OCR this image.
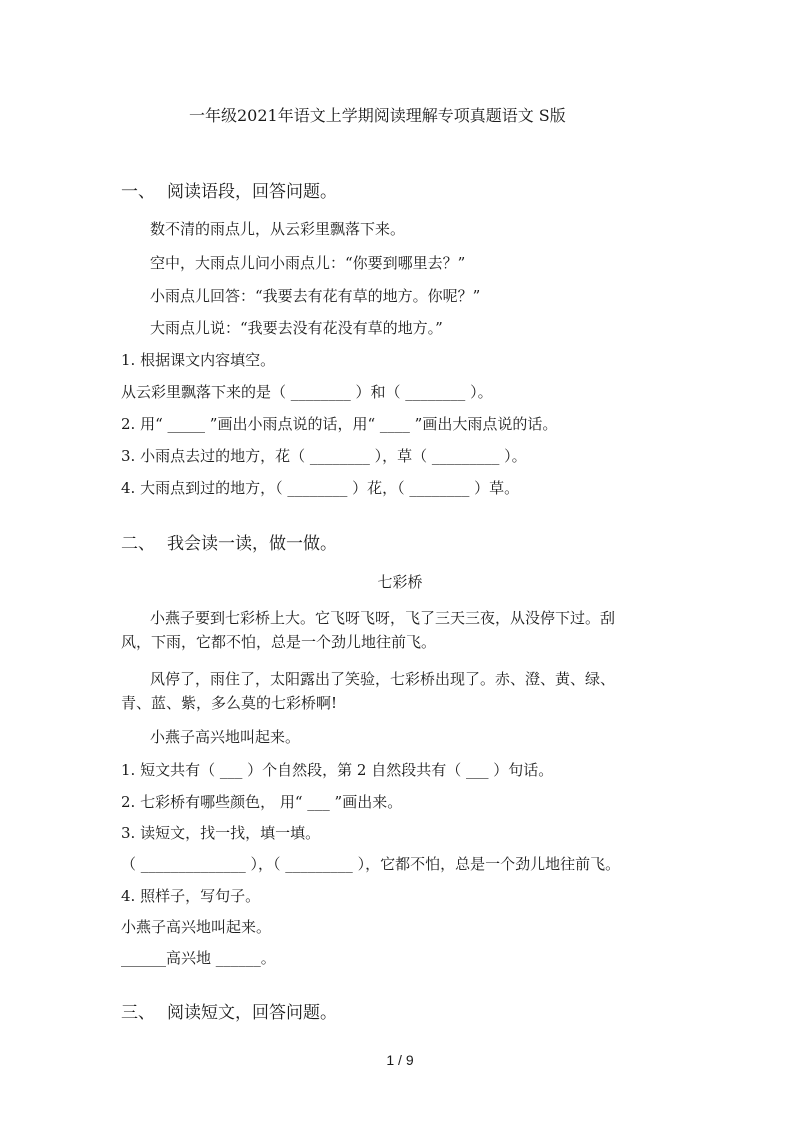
一年级2021年语文上学期阅读理解专项真题语文 S版
一、 阅读语段，回答问题。
数不清的雨点儿，从云彩里飘落下来。
空中，大雨点儿问小雨点儿：“你要到哪里去？”
小雨点儿回答：“我要去有花有草的地方。你呢？”
大雨点儿说：“我要去没有花没有草的地方。”
1. 根据课文内容填空。
从云彩里飘落下来的是（ ________ ）和（ ________ ）。
2. 用“ _____ ”画出小雨点说的话，用“ ____ ”画出大雨点说的话。
3. 小雨点去过的地方，花（ ________ ），草（ _________ ）。
4. 大雨点到过的地方，（ ________ ）花，（ ________ ）草。
二、 我会读一读，做一做。
七彩桥
小燕子要到七彩桥上大。它飞呀飞呀，飞了三天三夜，从没停下过。刮
风，下雨，它都不怕，总是一个劲儿地往前飞。
风停了，雨住了，太阳露出了笑验，七彩桥出现了。赤、澄、黄、绿、
青、蓝、紫，多么莫的七彩桥啊!
小燕子高兴地叫起来。
1. 短文共有（ ___ ）个自然段，第 2 自然段共有（ ___ ）句话。
2. 七彩桥有哪些颜色， 用“ ___ ”画出来。
3. 读短文，找一找，填一填。
（ ______________ ），（ _________ ），它都不怕，总是一个劲儿地往前飞。
4. 照样子，写句子。
小燕子高兴地叫起来。
______高兴地 ______。
三、 阅读短文，回答问题。
1 / 9
